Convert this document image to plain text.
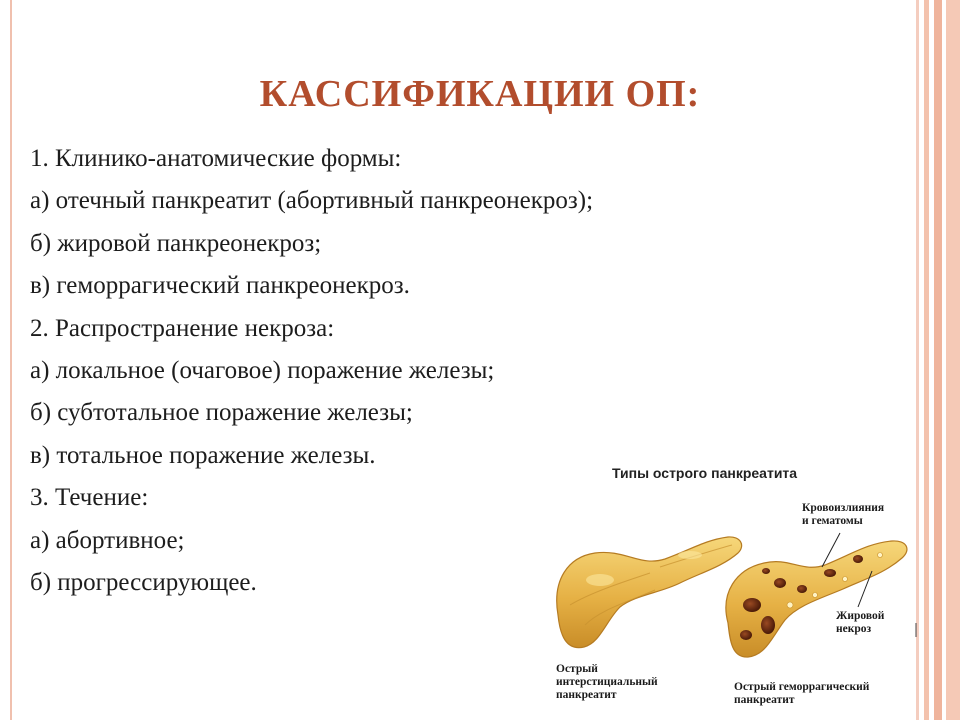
КАССИФИКАЦИИ ОП:
1. Клинико-анатомические формы:
а) отечный панкреатит (абортивный панкреонекроз);
б) жировой панкреонекроз;
в) геморрагический панкреонекроз.
2. Распространение некроза:
а) локальное (очаговое) поражение железы;
б) субтотальное поражение железы;
в) тотальное поражение железы.
3. Течение:
а) абортивное;
б) прогрессирующее.
Типы острого панкреатита
Кровоизлияния
и гематомы
Жировой
некроз
Острый
интерстициальный
панкреатит
Острый геморрагический
панкреатит
